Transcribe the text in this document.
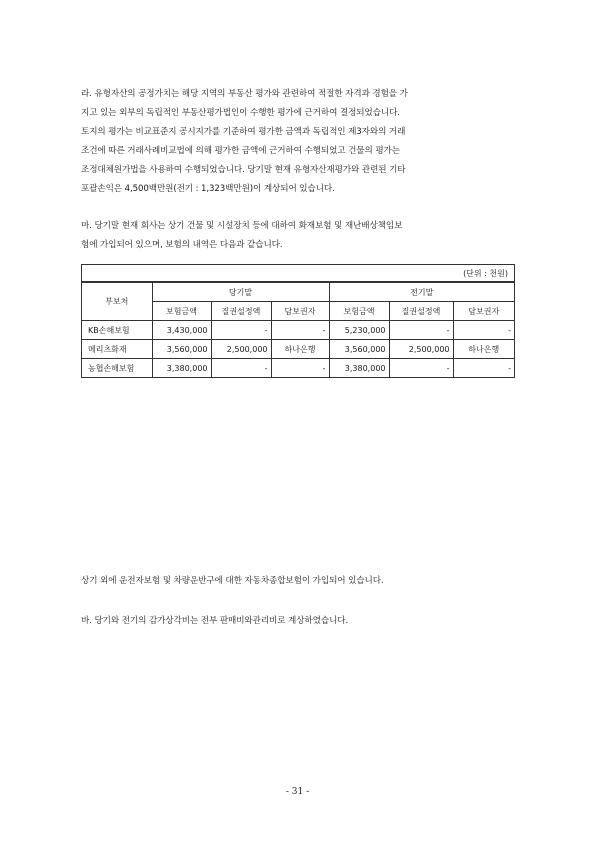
라. 유형자산의 공정가치는 해당 지역의 부동산 평가와 관련하여 적절한 자격과 경험을 가
지고 있는 외부의 독립적인 부동산평가법인이 수행한 평가에 근거하여 결정되었습니다.
토지의 평가는 비교표준지 공시지가를 기준하여 평가한 금액과 독립적인 제3자와의 거래
조건에 따른 거래사례비교법에 의해 평가한 금액에 근거하여 수행되었고 건물의 평가는
조정대체원가법을 사용하여 수행되었습니다. 당기말 현재 유형자산재평가와 관련된 기타
포괄손익은 4,500백만원(전기 : 1,323백만원)이 계상되어 있습니다.
마. 당기말 현재 회사는 상기 건물 및 시설장치 등에 대하여 화재보험 및 재난배상책임보
험에 가입되어 있으며, 보험의 내역은 다음과 같습니다.
(단위 : 천원)
부보처	당기말			전기말		
	보험금액	질권설정액	담보권자	보험금액	질권설정액	담보권자
KB손해보험	3,430,000	-	-	5,230,000	-	-
메리츠화재	3,560,000	2,500,000	하나은행	3,560,000	2,500,000	하나은행
농협손해보험	3,380,000	-	-	3,380,000	-	-
상기 외에 운전자보험 및 차량운반구에 대한 자동차종합보험이 가입되어 있습니다.
바. 당기와 전기의 감가상각비는 전부 판매비와관리비로 계상하였습니다.
- 31 -
